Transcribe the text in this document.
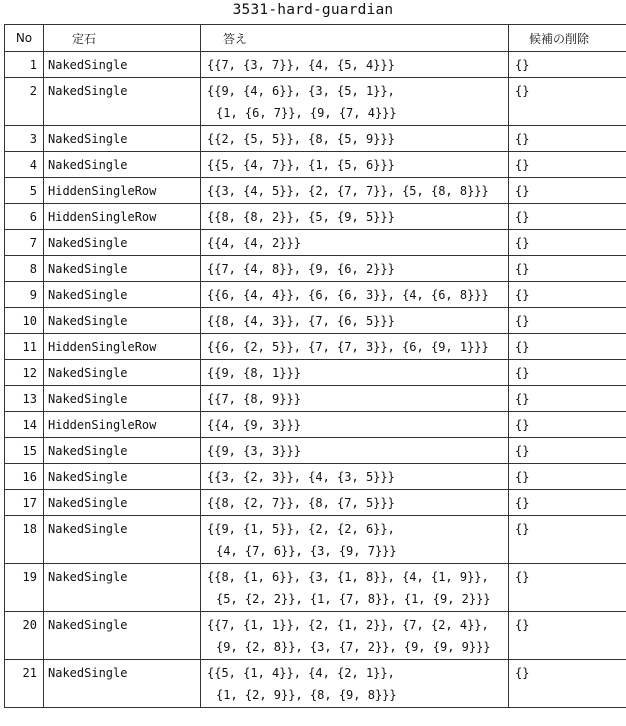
3531-hard-guardian
No	定石	答え	候補の削除

1	NakedSingle	{{7, {3, 7}}, {4, {5, 4}}}	{}

2	NakedSingle	{{9, {4, 6}}, {3, {5, 1}},
{1, {6, 7}}, {9, {7, 4}}}	{}

3	NakedSingle	{{2, {5, 5}}, {8, {5, 9}}}	{}

4	NakedSingle	{{5, {4, 7}}, {1, {5, 6}}}	{}

5	HiddenSingleRow	{{3, {4, 5}}, {2, {7, 7}}, {5, {8, 8}}}	{}

6	HiddenSingleRow	{{8, {8, 2}}, {5, {9, 5}}}	{}

7	NakedSingle	{{4, {4, 2}}}	{}

8	NakedSingle	{{7, {4, 8}}, {9, {6, 2}}}	{}

9	NakedSingle	{{6, {4, 4}}, {6, {6, 3}}, {4, {6, 8}}}	{}

10	NakedSingle	{{8, {4, 3}}, {7, {6, 5}}}	{}

11	HiddenSingleRow	{{6, {2, 5}}, {7, {7, 3}}, {6, {9, 1}}}	{}

12	NakedSingle	{{9, {8, 1}}}	{}

13	NakedSingle	{{7, {8, 9}}}	{}

14	HiddenSingleRow	{{4, {9, 3}}}	{}

15	NakedSingle	{{9, {3, 3}}}	{}

16	NakedSingle	{{3, {2, 3}}, {4, {3, 5}}}	{}

17	NakedSingle	{{8, {2, 7}}, {8, {7, 5}}}	{}

18	NakedSingle	{{9, {1, 5}}, {2, {2, 6}},
{4, {7, 6}}, {3, {9, 7}}}	{}

19	NakedSingle	{{8, {1, 6}}, {3, {1, 8}}, {4, {1, 9}},
{5, {2, 2}}, {1, {7, 8}}, {1, {9, 2}}}	{}

20	NakedSingle	{{7, {1, 1}}, {2, {1, 2}}, {7, {2, 4}},
{9, {2, 8}}, {3, {7, 2}}, {9, {9, 9}}}	{}

21	NakedSingle	{{5, {1, 4}}, {4, {2, 1}},
{1, {2, 9}}, {8, {9, 8}}}	{}
